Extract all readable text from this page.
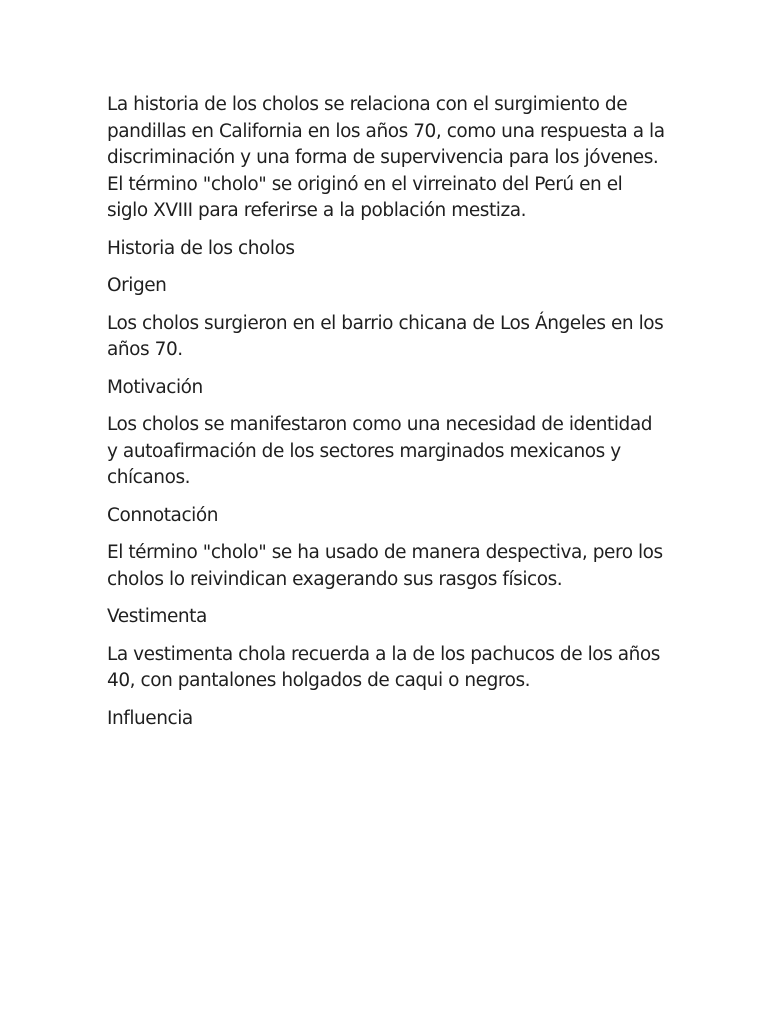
La historia de los cholos se relaciona con el surgimiento de pandillas en California en los años 70, como una respuesta a la discriminación y una forma de supervivencia para los jóvenes. El término "cholo" se originó en el virreinato del Perú en el siglo XVIII para referirse a la población mestiza.

Historia de los cholos

Origen

Los cholos surgieron en el barrio chicana de Los Ángeles en los años 70.

Motivación

Los cholos se manifestaron como una necesidad de identidad y autoafirmación de los sectores marginados mexicanos y chícanos.

Connotación

El término "cholo" se ha usado de manera despectiva, pero los cholos lo reivindican exagerando sus rasgos físicos.

Vestimenta

La vestimenta chola recuerda a la de los pachucos de los años 40, con pantalones holgados de caqui o negros.

Influencia
